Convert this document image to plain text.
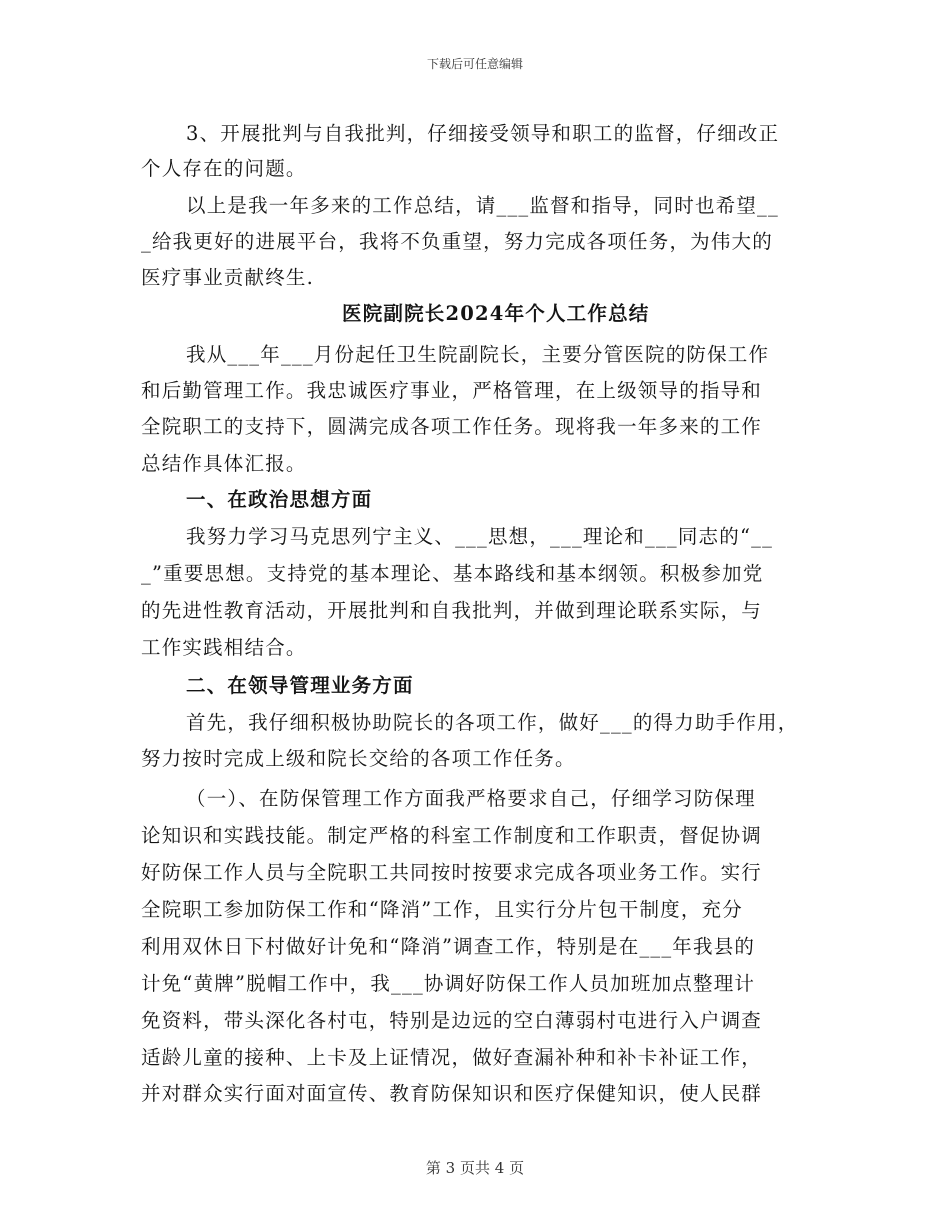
下载后可任意编辑
3、开展批判与自我批判，仔细接受领导和职工的监督，仔细改正
个人存在的问题。
以上是我一年多来的工作总结，请___监督和指导，同时也希望__
_给我更好的进展平台，我将不负重望，努力完成各项任务，为伟大的
医疗事业贡献终生.
医院副院长2024年个人工作总结
我从___年___月份起任卫生院副院长，主要分管医院的防保工作
和后勤管理工作。我忠诚医疗事业，严格管理，在上级领导的指导和
全院职工的支持下，圆满完成各项工作任务。现将我一年多来的工作
总结作具体汇报。
一、在政治思想方面
我努力学习马克思列宁主义、___思想，___理论和___同志的“__
_”重要思想。支持党的基本理论、基本路线和基本纲领。积极参加党
的先进性教育活动，开展批判和自我批判，并做到理论联系实际，与
工作实践相结合。
二、在领导管理业务方面
首先，我仔细积极协助院长的各项工作，做好___的得力助手作用，
努力按时完成上级和院长交给的各项工作任务。
（一）、在防保管理工作方面我严格要求自己，仔细学习防保理
论知识和实践技能。制定严格的科室工作制度和工作职责，督促协调
好防保工作人员与全院职工共同按时按要求完成各项业务工作。实行
全院职工参加防保工作和“降消”工作，且实行分片包干制度，充分
利用双休日下村做好计免和“降消”调查工作，特别是在___年我县的
计免“黄牌”脱帽工作中，我___协调好防保工作人员加班加点整理计
免资料，带头深化各村屯，特别是边远的空白薄弱村屯进行入户调查
适龄儿童的接种、上卡及上证情况，做好查漏补种和补卡补证工作，
并对群众实行面对面宣传、教育防保知识和医疗保健知识，使人民群
第 3 页共 4 页
